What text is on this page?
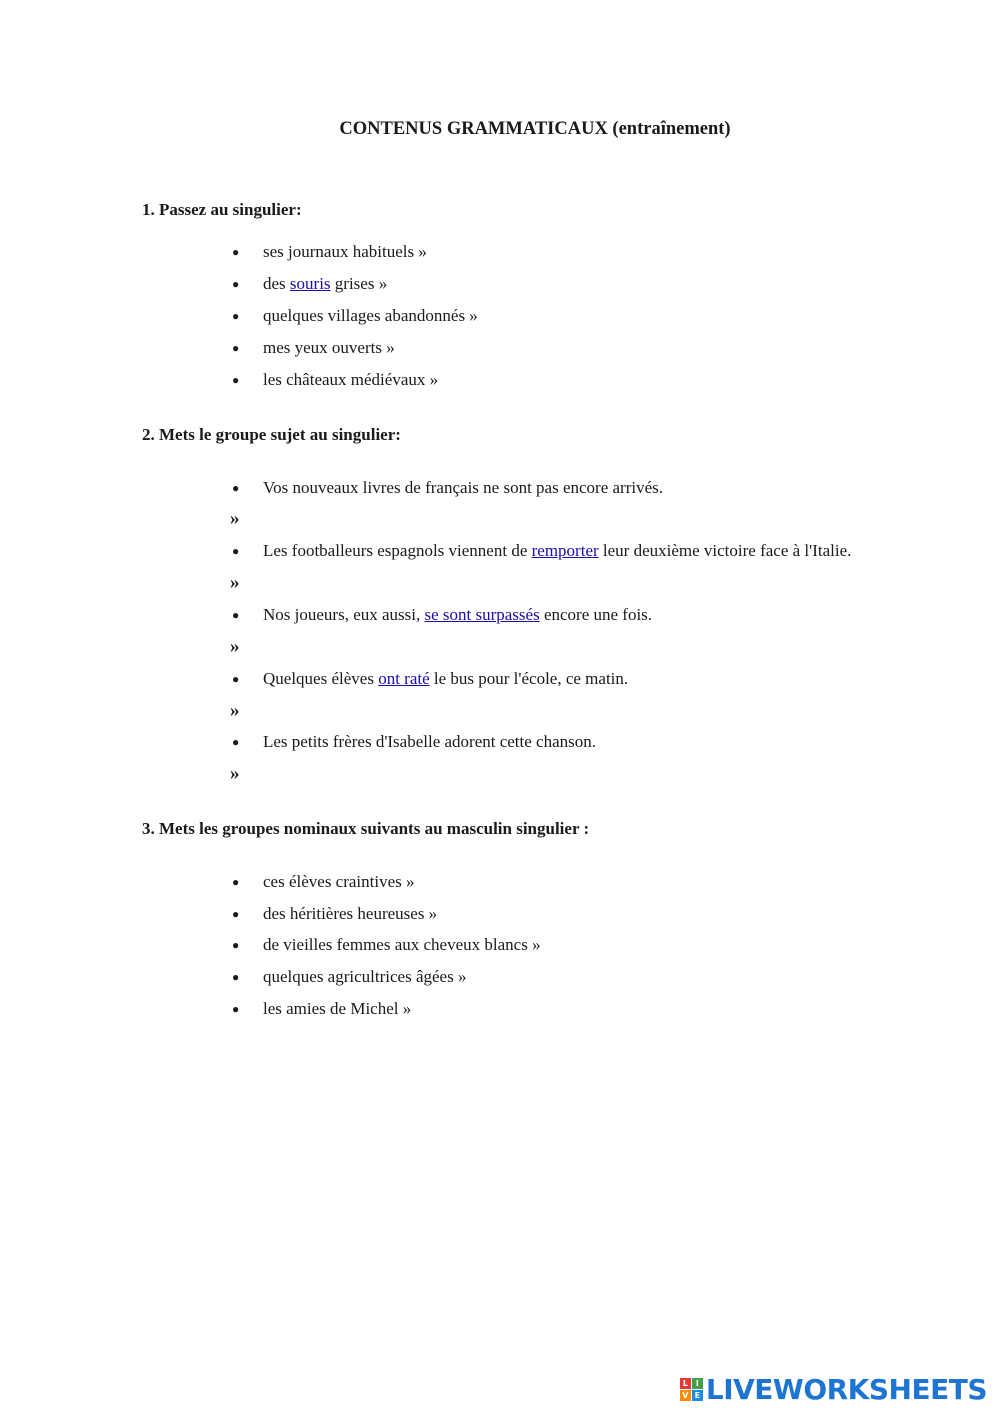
CONTENUS GRAMMATICAUX (entraînement)
1. Passez au singulier:
● ses journaux habituels »
● des souris grises »
● quelques villages abandonnés »
● mes yeux ouverts »
● les châteaux médiévaux »
2. Mets le groupe sujet au singulier:
● Vos nouveaux livres de français ne sont pas encore arrivés.
»
● Les footballeurs espagnols viennent de remporter leur deuxième victoire face à l'Italie.
»
● Nos joueurs, eux aussi, se sont surpassés encore une fois.
»
● Quelques élèves ont raté le bus pour l'école, ce matin.
»
● Les petits frères d'Isabelle adorent cette chanson.
»
3. Mets les groupes nominaux suivants au masculin singulier :
● ces élèves craintives »
● des héritières heureuses »
● de vieilles femmes aux cheveux blancs »
● quelques agricultrices âgées »
● les amies de Michel »
L I
V E LIVEWORKSHEETS
